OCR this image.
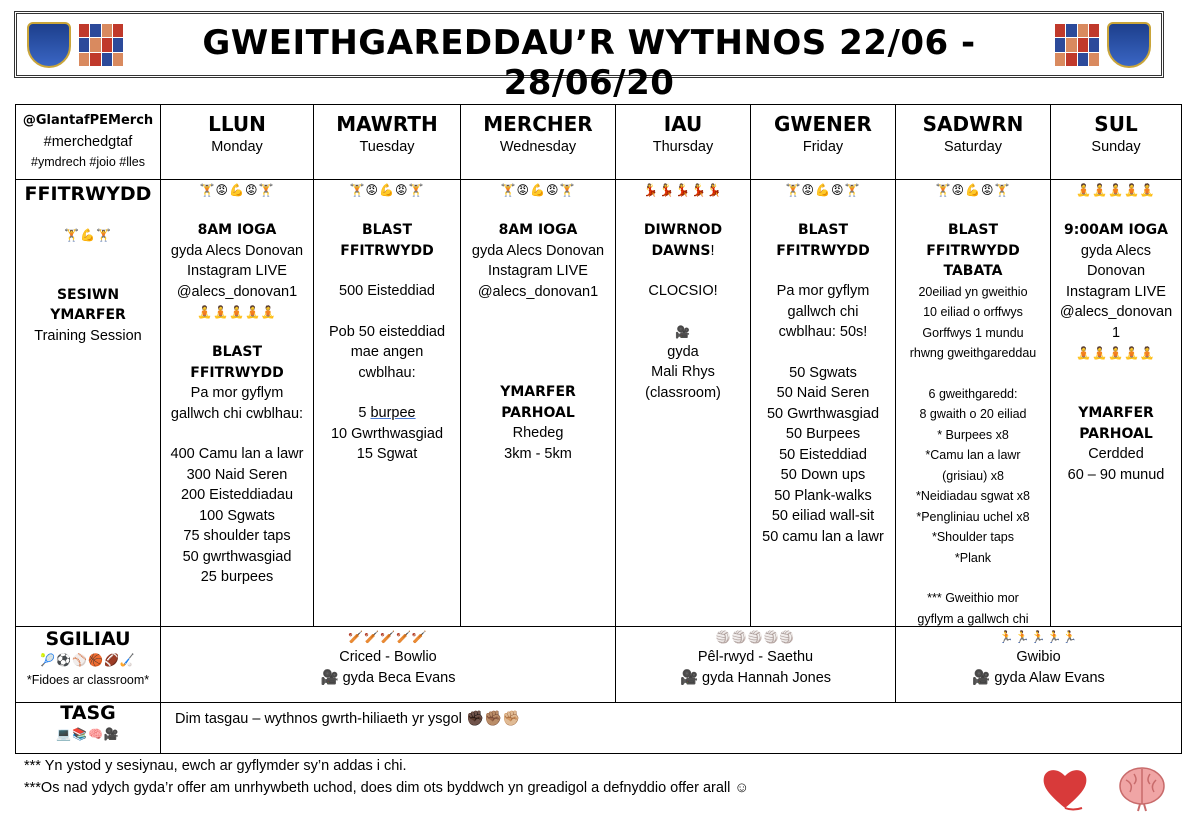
GWEITHGAREDDAU’R WYTHNOS 22/06 - 28/06/20
@GlantafPEMerch
#merchedgtaf
#ymdrech #joio #lles
LLUN
Monday
MAWRTH
Tuesday
MERCHER
Wednesday
IAU
Thursday
GWENER
Friday
SADWRN
Saturday
SUL
Sunday
FFITRWYDD
🏋💪🏋
SESIWN
YMARFER
Training Session
🏋😡💪😡🏋
8AM IOGA
gyda Alecs Donovan
Instagram LIVE
@alecs_donovan1
🧘🧘🧘🧘🧘
BLAST
FFITRWYDD
Pa mor gyflym
gallwch chi cwblhau:
400 Camu lan a lawr
300 Naid Seren
200 Eisteddiadau
100 Sgwats
75 shoulder taps
50 gwrthwasgiad
25 burpees
🏋😡💪😡🏋
BLAST
FFITRWYDD
500 Eisteddiad
Pob 50 eisteddiad
mae angen
cwblhau:
5 burpee
10 Gwrthwasgiad
15 Sgwat
🏋😡💪😡🏋
8AM IOGA
gyda Alecs Donovan
Instagram LIVE
@alecs_donovan1
YMARFER
PARHOAL
Rhedeg
3km - 5km
💃💃💃💃💃
DIWRNOD
DAWNS!
CLOCSIO!
🎥
gyda
Mali Rhys
(classroom)
🏋😡💪😡🏋
BLAST
FFITRWYDD
Pa mor gyflym
gallwch chi
cwblhau: 50s!
50 Sgwats
50 Naid Seren
50 Gwrthwasgiad
50 Burpees
50 Eisteddiad
50 Down ups
50 Plank-walks
50 eiliad wall-sit
50 camu lan a lawr
🏋😡💪😡🏋
BLAST
FFITRWYDD
TABATA
20eiliad yn gweithio
10 eiliad o orffwys
Gorffwys 1 mundu
rhwng gweithgareddau
6 gweithgaredd:
8 gwaith o 20 eiliad
* Burpees x8
*Camu lan a lawr
(grisiau) x8
*Neidiadau sgwat x8
*Pengliniau uchel x8
*Shoulder taps
*Plank
*** Gweithio mor
gyflym a gallwch chi
🧘🧘🧘🧘🧘
9:00AM IOGA
gyda Alecs
Donovan
Instagram LIVE
@alecs_donovan
1
🧘🧘🧘🧘🧘
YMARFER
PARHOAL
Cerdded
60 – 90 munud
SGILIAU
🎾⚽⚾🏀🏈🏑
*Fidoes ar classroom*
🏏🏏🏏🏏🏏
Criced - Bowlio
🎥 gyda Beca Evans
🏐🏐🏐🏐🏐
Pêl-rwyd - Saethu
🎥 gyda Hannah Jones
🏃🏃🏃🏃🏃
Gwibio
🎥 gyda Alaw Evans
TASG
💻📚🧠🎥
Dim tasgau – wythnos gwrth-hiliaeth yr ysgol ✊🏿✊🏽✊🏼
*** Yn ystod y sesiynau, ewch ar gyflymder sy’n addas i chi.
***Os nad ydych gyda’r offer am unrhywbeth uchod, does dim ots byddwch yn greadigol a defnyddio offer arall ☺
